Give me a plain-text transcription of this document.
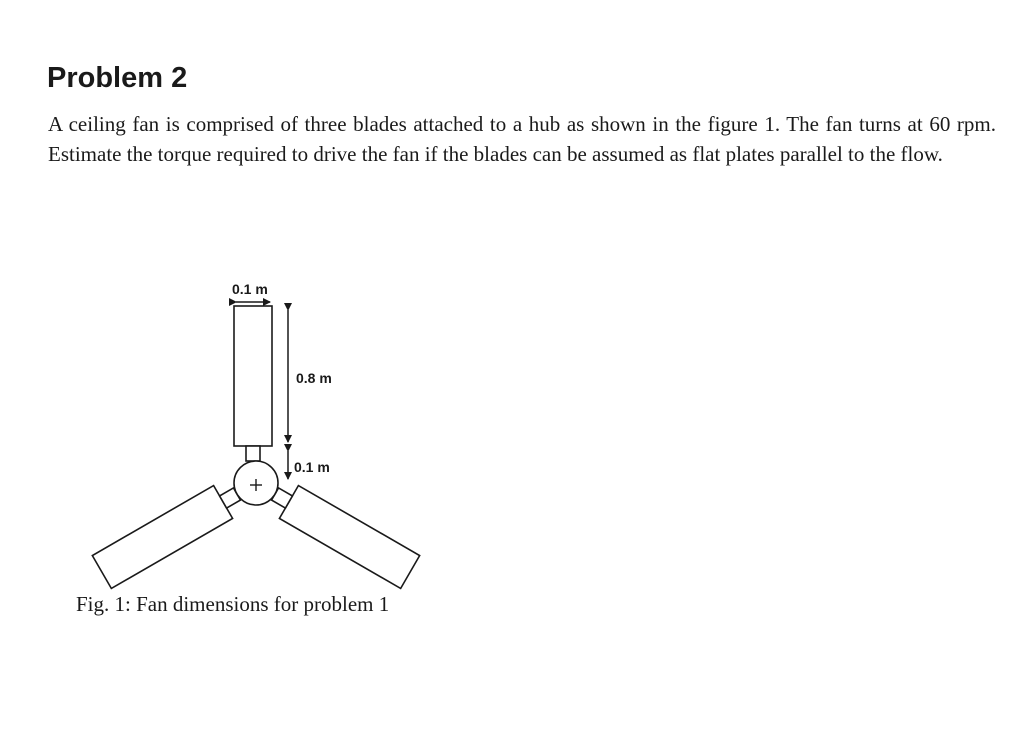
Problem 2

A ceiling fan is comprised of three blades attached to a hub as shown in the figure 1. The fan turns at 60 rpm. Estimate the torque required to drive the fan if the blades can be assumed as flat plates parallel to the flow.

0.1 m
0.8 m
0.1 m

Fig. 1: Fan dimensions for problem 1
